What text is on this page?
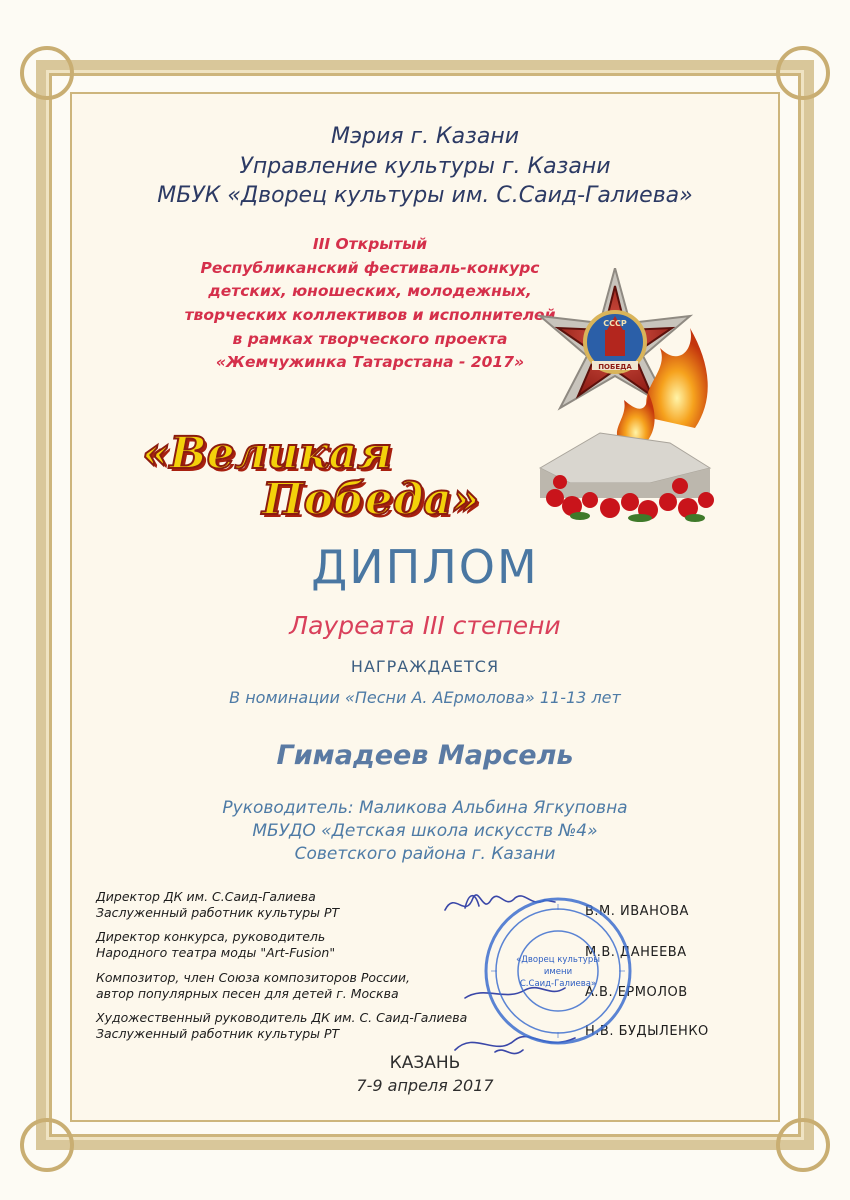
Мэрия г. Казани
Управление культуры г. Казани
МБУК «Дворец культуры им. С.Саид-Галиева»
III Открытый
Республиканский фестиваль-конкурс
детских, юношеских, молодежных,
творческих коллективов и исполнителей
в рамках творческого проекта
«Жемчужинка Татарстана - 2017»
СССР
ПОБЕДА
«Великая
Победа»
ДИПЛОМ
Лауреата III степени
НАГРАЖДАЕТСЯ
В номинации «Песни А. АЕрмолова» 11-13 лет
Гимадеев Марсель
Руководитель: Маликова Альбина Ягкуповна
МБУДО «Детская школа искусств №4»
Советского района г. Казани
Директор ДК им. С.Саид-Галиева
Заслуженный работник культуры РТ	В.М. ИВАНОВА
Директор конкурса, руководитель
Народного театра моды "Art-Fusion"	М.В. ДАНЕЕВА
Композитор, член Союза композиторов России,
автор популярных песен для детей г. Москва	А.В. ЕРМОЛОВ
Художественный руководитель ДК им. С. Саид-Галиева
Заслуженный работник культуры РТ	Н.В. БУДЫЛЕНКО
«Дворец культуры
имени
С.Саид-Галиева»
КАЗАНЬ
7-9 апреля 2017
